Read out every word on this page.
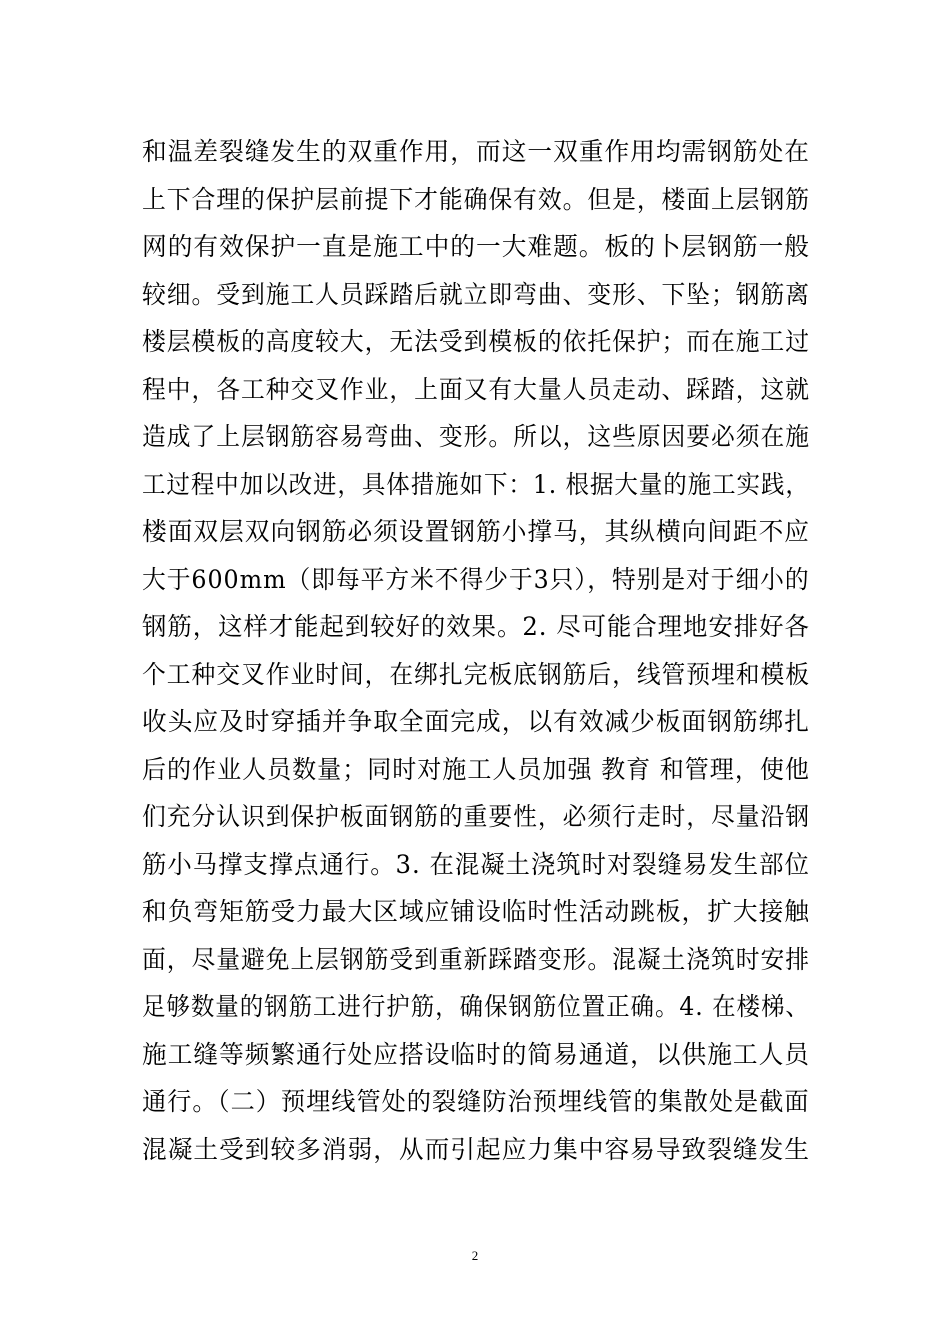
和温差裂缝发生的双重作用，而这一双重作用均需钢筋处在
上下合理的保护层前提下才能确保有效。但是，楼面上层钢筋
网的有效保护一直是施工中的一大难题。板的卜层钢筋一般
较细。受到施工人员踩踏后就立即弯曲、变形、下坠；钢筋离
楼层模板的高度较大，无法受到模板的依托保护；而在施工过
程中，各工种交叉作业，上面又有大量人员走动、踩踏，这就
造成了上层钢筋容易弯曲、变形。所以，这些原因要必须在施
工过程中加以改进，具体措施如下：1. 根据大量的施工实践，
楼面双层双向钢筋必须设置钢筋小撑马，其纵横向间距不应
大于600mm（即每平方米不得少于3只），特别是对于细小的
钢筋，这样才能起到较好的效果。2. 尽可能合理地安排好各
个工种交叉作业时间，在绑扎完板底钢筋后，线管预埋和模板
收头应及时穿插并争取全面完成，以有效减少板面钢筋绑扎
后的作业人员数量；同时对施工人员加强 教育 和管理，使他
们充分认识到保护板面钢筋的重要性，必须行走时，尽量沿钢
筋小马撑支撑点通行。3. 在混凝土浇筑时对裂缝易发生部位
和负弯矩筋受力最大区域应铺设临时性活动跳板，扩大接触
面，尽量避免上层钢筋受到重新踩踏变形。混凝土浇筑时安排
足够数量的钢筋工进行护筋，确保钢筋位置正确。4. 在楼梯、
施工缝等频繁通行处应搭设临时的简易通道，以供施工人员
通行。（二）预埋线管处的裂缝防治预埋线管的集散处是截面
混凝土受到较多消弱，从而引起应力集中容易导致裂缝发生
2
